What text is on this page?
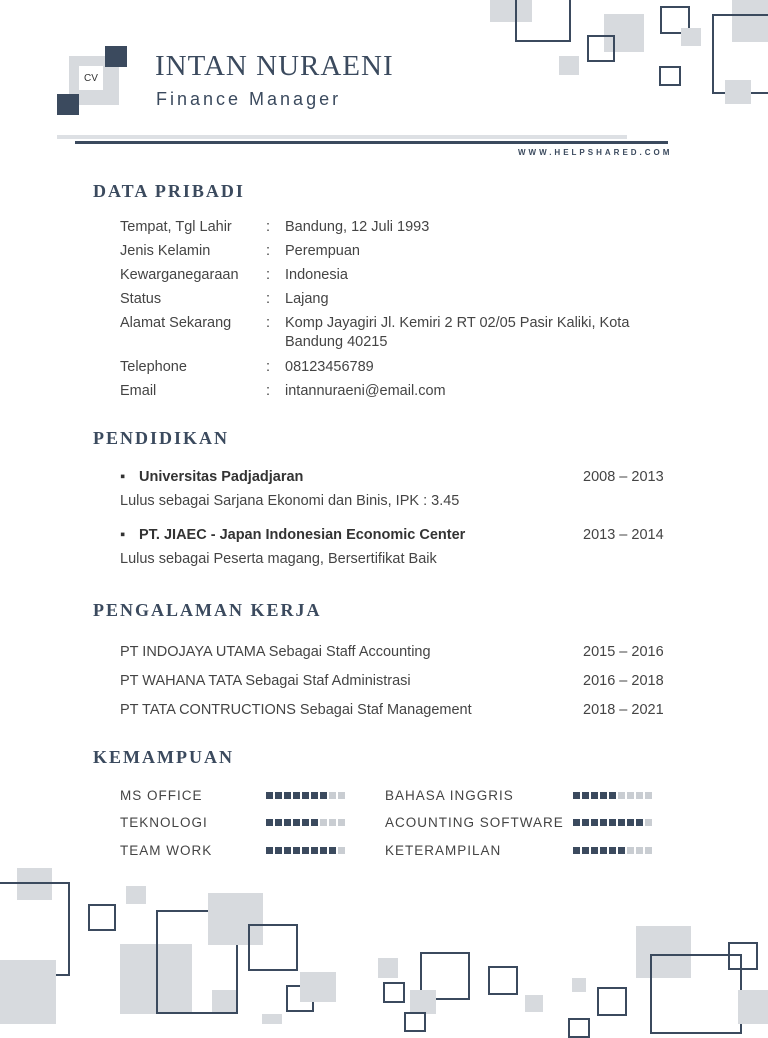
CV INTAN NURAENI
Finance Manager
WWW.HELPSHARED.COM
DATA PRIBADI
Tempat, Tgl Lahir : Bandung, 12 Juli 1993
Jenis Kelamin	: Perempuan
Kewarganegaraan : Indonesia
Status	: Lajang
Alamat Sekarang : Komp Jayagiri Jl. Kemiri 2 RT 02/05 Pasir Kaliki, Kota
Bandung 40215
Telephone	: 08123456789
Email	: intannuraeni@email.com
PENDIDIKAN
▪ Universitas Padjadjaran	2008 – 2013
Lulus sebagai Sarjana Ekonomi dan Binis, IPK : 3.45
▪ PT. JIAEC - Japan Indonesian Economic Center	2013 – 2014
Lulus sebagai Peserta magang, Bersertifikat Baik
PENGALAMAN KERJA
PT INDOJAYA UTAMA Sebagai Staff Accounting	2015 – 2016
PT WAHANA TATA Sebagai Staf Administrasi	2016 – 2018
PT TATA CONTRUCTIONS Sebagai Staf Management	2018 – 2021
KEMAMPUAN
MS OFFICE	BAHASA INGGRIS
TEKNOLOGI	ACOUNTING SOFTWARE
TEAM WORK	KETERAMPILAN
